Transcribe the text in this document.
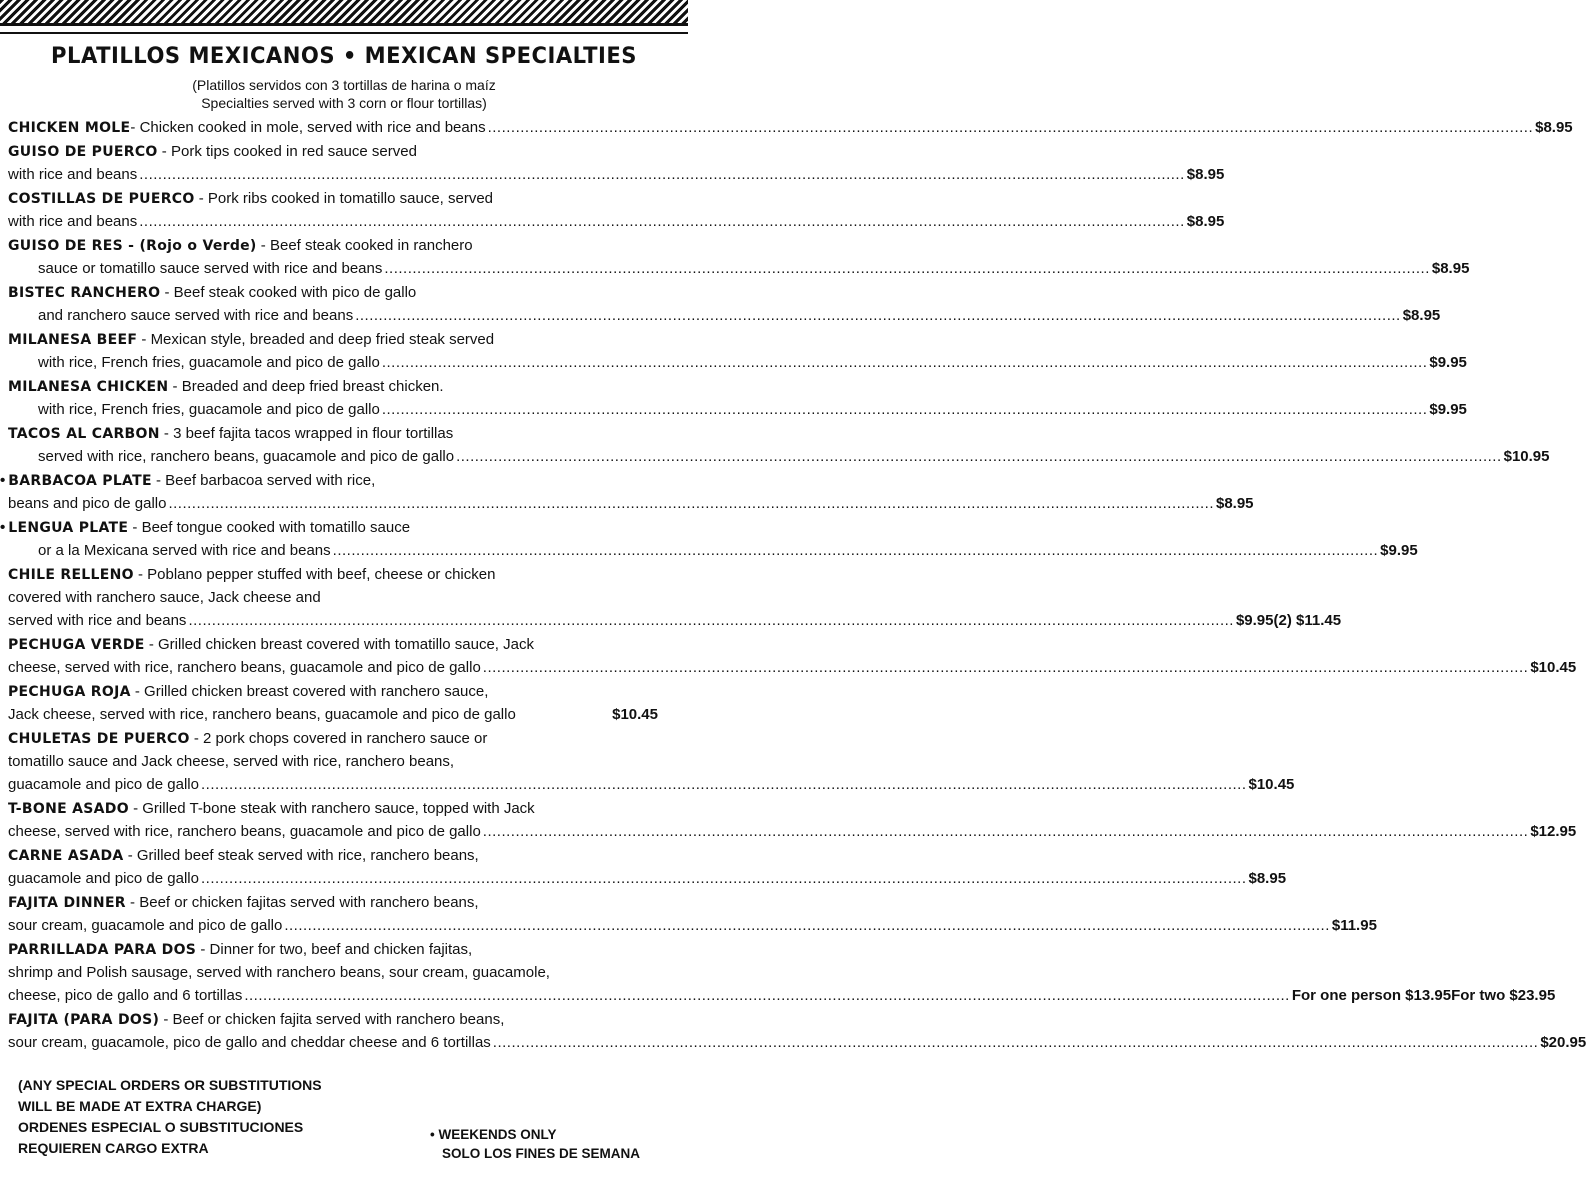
PLATILLOS MEXICANOS • MEXICAN SPECIALTIES
(Platillos servidos con 3 tortillas de harina o maíz
Specialties served with 3 corn or flour tortillas)
CHICKEN MOLE - Chicken cooked in mole, served with rice and beans .....	$8.95
GUISO DE PUERCO - Pork tips cooked in red sauce served
with rice and beans .....	$8.95
COSTILLAS DE PUERCO - Pork ribs cooked in tomatillo sauce, served
with rice and beans .....	$8.95
GUISO DE RES - (Rojo o Verde) - Beef steak cooked in ranchero
sauce or tomatillo sauce served with rice and beans .....	$8.95
BISTEC RANCHERO - Beef steak cooked with pico de gallo
and ranchero sauce served with rice and beans .....	$8.95
MILANESA BEEF - Mexican style, breaded and deep fried steak served
with rice, French fries, guacamole and pico de gallo .....	$9.95
MILANESA CHICKEN - Breaded and deep fried breast chicken.
with rice, French fries, guacamole and pico de gallo .....	$9.95
TACOS AL CARBON - 3 beef fajita tacos wrapped in flour tortillas
served with rice, ranchero beans, guacamole and pico de gallo .....	$10.95
• BARBACOA PLATE - Beef barbacoa served with rice,
beans and pico de gallo .....	$8.95
• LENGUA PLATE - Beef tongue cooked with tomatillo sauce
or a la Mexicana served with rice and beans .....	$9.95
CHILE RELLENO - Poblano pepper stuffed with beef, cheese or chicken
covered with ranchero sauce, Jack cheese and
served with rice and beans .....	$9.95 (2) $11.45
PECHUGA VERDE - Grilled chicken breast covered with tomatillo sauce, Jack
cheese, served with rice, ranchero beans, guacamole and pico de gallo .....	$10.45
PECHUGA ROJA - Grilled chicken breast covered with ranchero sauce,
Jack cheese, served with rice, ranchero beans, guacamole and pico de gallo	$10.45
CHULETAS DE PUERCO - 2 pork chops covered in ranchero sauce or
tomatillo sauce and Jack cheese, served with rice, ranchero beans,
guacamole and pico de gallo .....	$10.45
T-BONE ASADO - Grilled T-bone steak with ranchero sauce, topped with Jack
cheese, served with rice, ranchero beans, guacamole and pico de gallo .....	$12.95
CARNE ASADA - Grilled beef steak served with rice, ranchero beans,
guacamole and pico de gallo .....	$8.95
FAJITA DINNER - Beef or chicken fajitas served with ranchero beans,
sour cream, guacamole and pico de gallo .....	$11.95
PARRILLADA PARA DOS - Dinner for two, beef and chicken fajitas,
shrimp and Polish sausage, served with ranchero beans, sour cream, guacamole,
cheese, pico de gallo and 6 tortillas .....	For one person $13.95 For two $23.95
FAJITA (PARA DOS) - Beef or chicken fajita served with ranchero beans,
sour cream, guacamole, pico de gallo and cheddar cheese and 6 tortillas .....	$20.95
(ANY SPECIAL ORDERS OR SUBSTITUTIONS
WILL BE MADE AT EXTRA CHARGE)
ORDENES ESPECIAL O SUBSTITUCIONES
REQUIEREN CARGO EXTRA
• WEEKENDS ONLY
SOLO LOS FINES DE SEMANA
